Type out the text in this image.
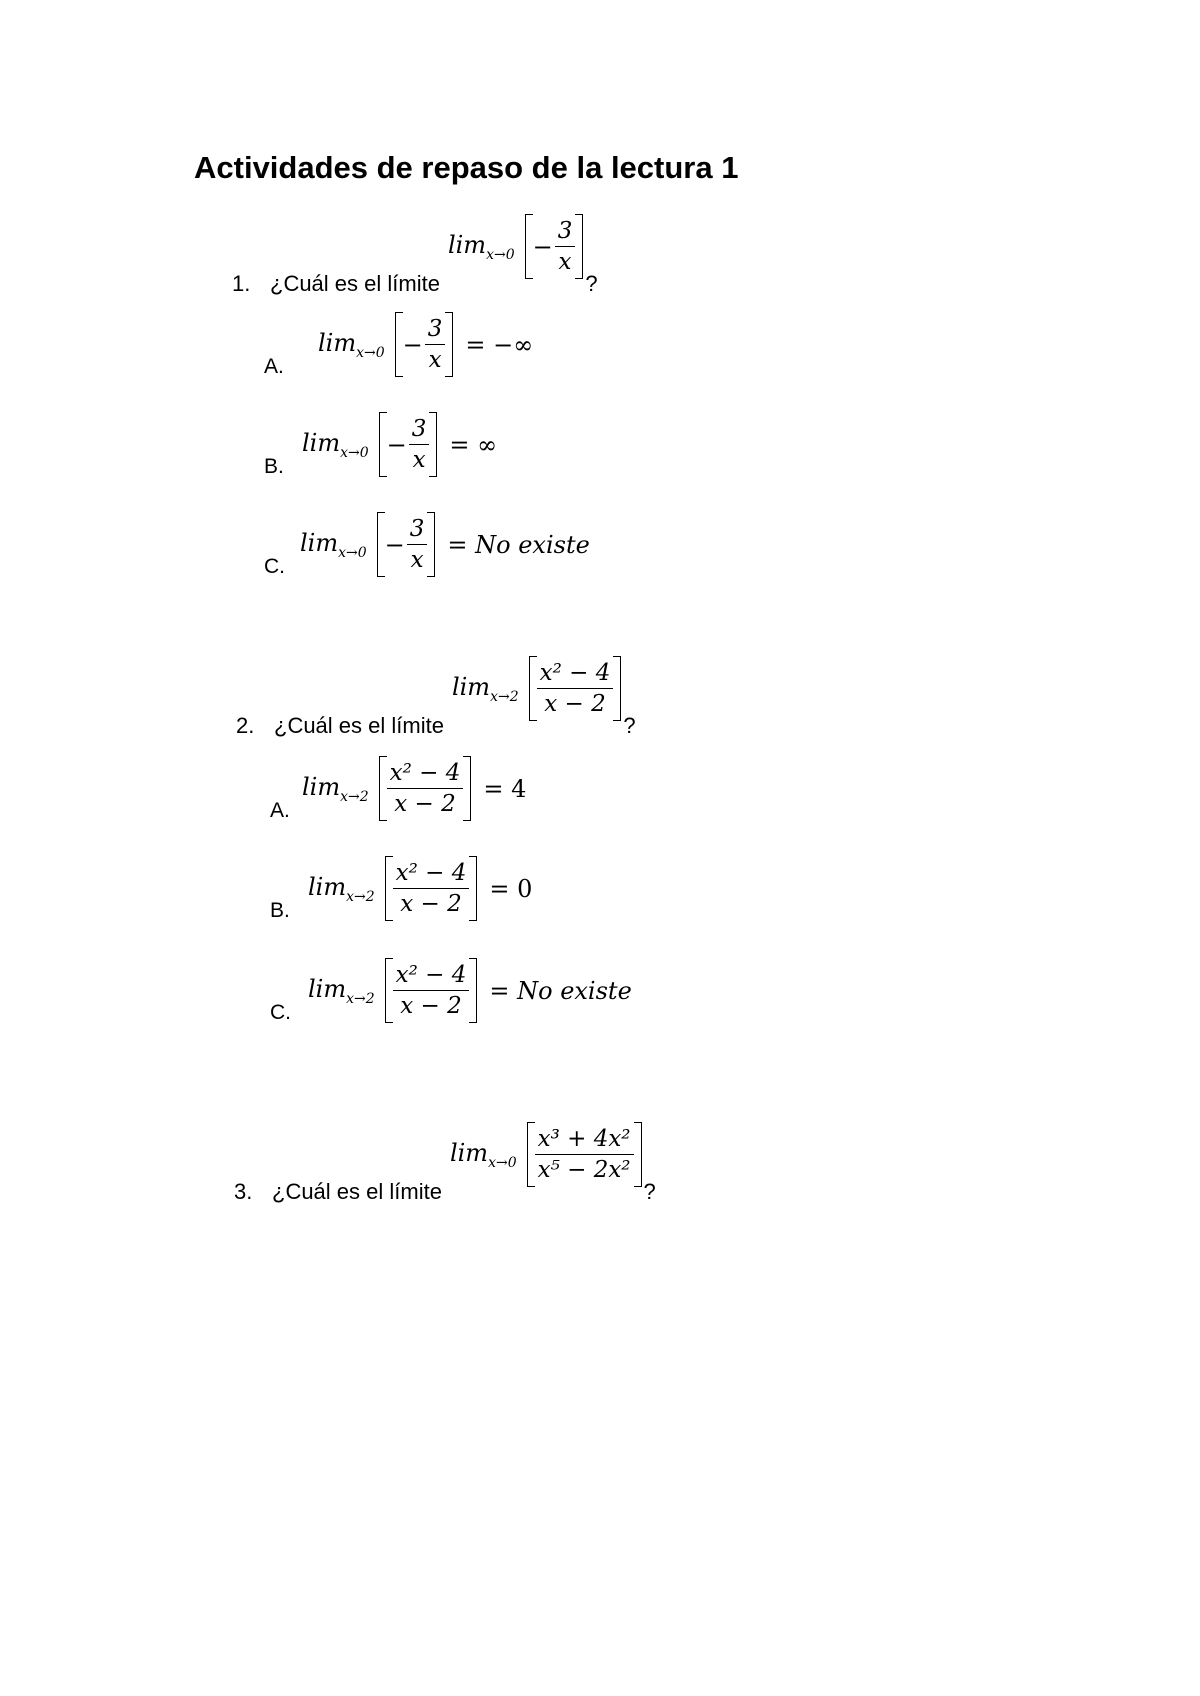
Actividades de repaso de la lectura 1
1. ¿Cuál es el límite
$\lim_{x\to 0} - \frac{3}{x}$
?
A.
$\lim_{x\to 0} - \frac{3}{x}$ = −∞
B.
$\lim_{x\to 0} - \frac{3}{x}$ = ∞
C.
$\lim_{x\to 0} - \frac{3}{x} = No$ existe
2. ¿Cuál es el límite
$\lim_{x\to 2} \frac{\text{x² − 4}}{x - 2}$
?
A.
$\lim_{x\to 2} \frac{\text{x² − 4}}{x - 2} = 4$
B.
$\lim_{x\to 2} \frac{\text{x² − 4}}{x - 2} = 0$
C.
$\lim_{x\to 2} \frac{\text{x² − 4}}{x - 2} = No$ existe
3. ¿Cuál es el límite
$\lim_{x\to 0} \frac{\text{x³ + 4x²}}{\text{x⁵ − 2x²}}$
?
